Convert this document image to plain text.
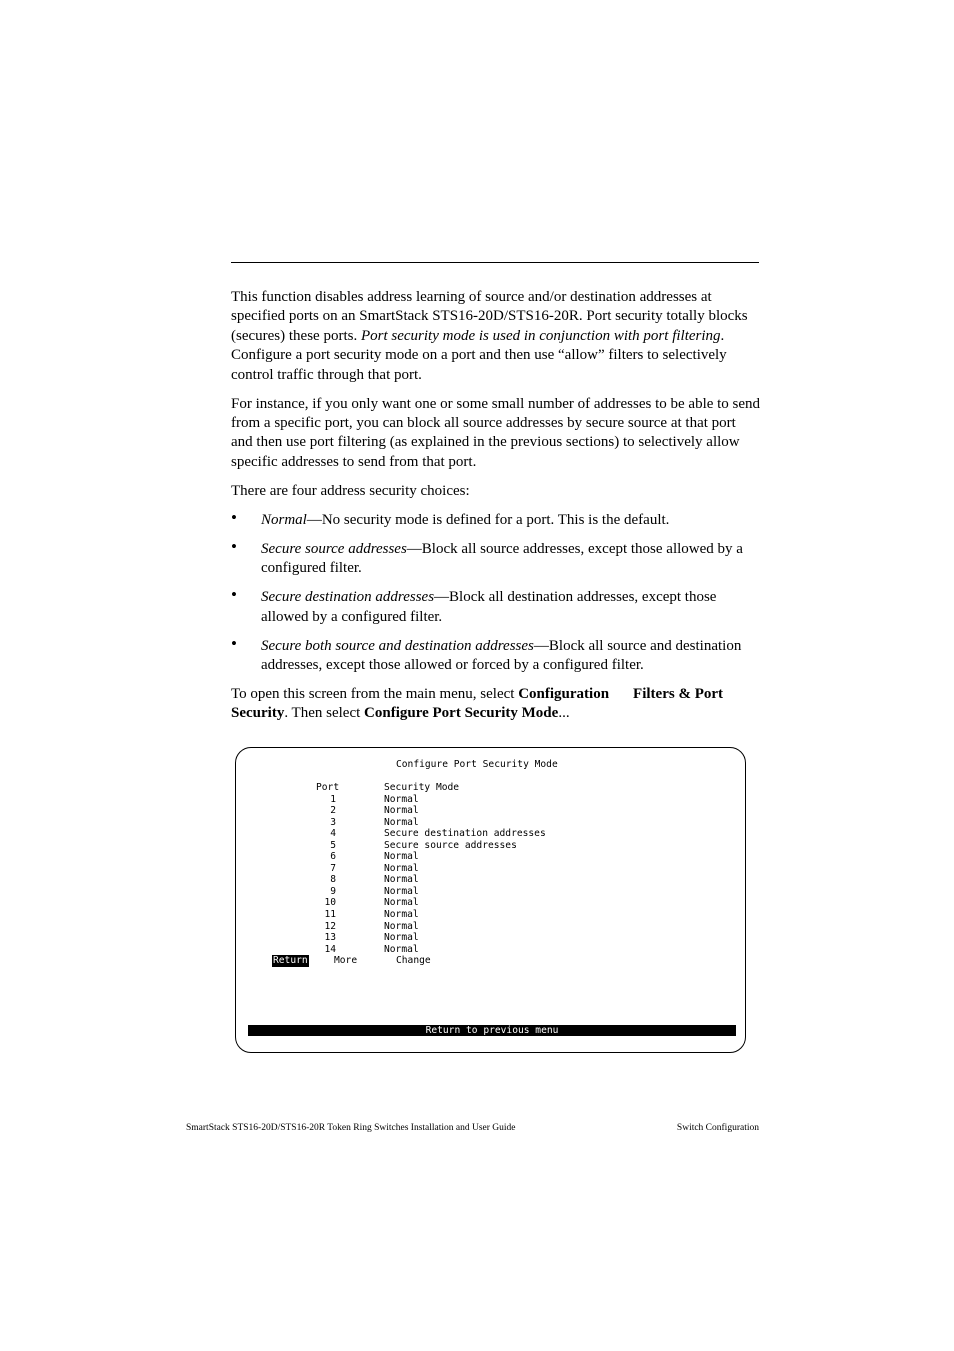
This function disables address learning of source and/or destination addresses at specified ports on an SmartStack STS16-20D/STS16-20R. Port security totally blocks (secures) these ports. Port security mode is used in conjunction with port filtering. Configure a port security mode on a port and then use “allow” filters to selectively control traffic through that port.

For instance, if you only want one or some small number of addresses to be able to send from a specific port, you can block all source addresses by secure source at that port and then use port filtering (as explained in the previous sections) to selectively allow specific addresses to send from that port.

There are four address security choices:

• Normal—No security mode is defined for a port. This is the default.
• Secure source addresses—Block all source addresses, except those allowed by a configured filter.
• Secure destination addresses—Block all destination addresses, except those allowed by a configured filter.
• Secure both source and destination addresses—Block all source and destination addresses, except those allowed or forced by a configured filter.

To open this screen from the main menu, select Configuration Filters & Port Security. Then select Configure Port Security Mode...

Configure Port Security Mode
Port	Security Mode
1	Normal
2	Normal
3	Normal
4	Secure destination addresses
5	Secure source addresses
6	Normal
7	Normal
8	Normal
9	Normal
10	Normal
11	Normal
12	Normal
13	Normal
14	Normal
Return	More	Change
Return to previous menu
SmartStack STS16-20D/STS16-20R Token Ring Switches Installation and User Guide	Switch Configuration
